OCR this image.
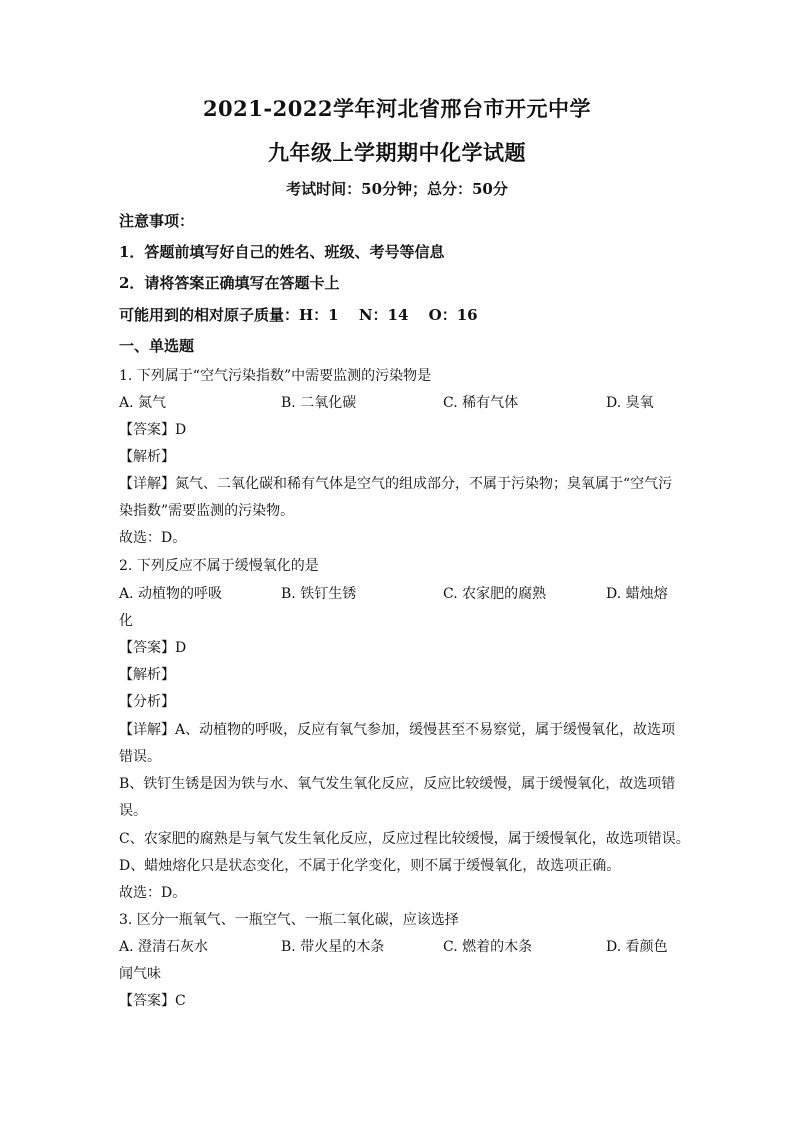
2021-2022学年河北省邢台市开元中学
九年级上学期期中化学试题
考试时间：50分钟；总分：50分
注意事项：
1．答题前填写好自己的姓名、班级、考号等信息
2．请将答案正确填写在答题卡上
可能用到的相对原子质量：H：1　 N：14　 O：16
一、单选题
1. 下列属于“空气污染指数”中需要监测的污染物是
A. 氮气	B. 二氧化碳	C. 稀有气体	D. 臭氧
【答案】D
【解析】
【详解】氮气、二氧化碳和稀有气体是空气的组成部分，不属于污染物；臭氧属于“空气污
染指数”需要监测的污染物。
故选：D。
2. 下列反应不属于缓慢氧化的是
A. 动植物的呼吸	B. 铁钉生锈	C. 农家肥的腐熟	D. 蜡烛熔
化
【答案】D
【解析】
【分析】
【详解】A、动植物的呼吸，反应有氧气参加，缓慢甚至不易察觉，属于缓慢氧化，故选项
错误。
B、铁钉生锈是因为铁与水、氧气发生氧化反应，反应比较缓慢，属于缓慢氧化，故选项错
误。
C、农家肥的腐熟是与氧气发生氧化反应，反应过程比较缓慢，属于缓慢氧化，故选项错误。
D、蜡烛熔化只是状态变化，不属于化学变化，则不属于缓慢氧化，故选项正确。
故选：D。
3. 区分一瓶氧气、一瓶空气、一瓶二氧化碳，应该选择
A. 澄清石灰水	B. 带火星的木条	C. 燃着的木条	D. 看颜色
闻气味
【答案】C
